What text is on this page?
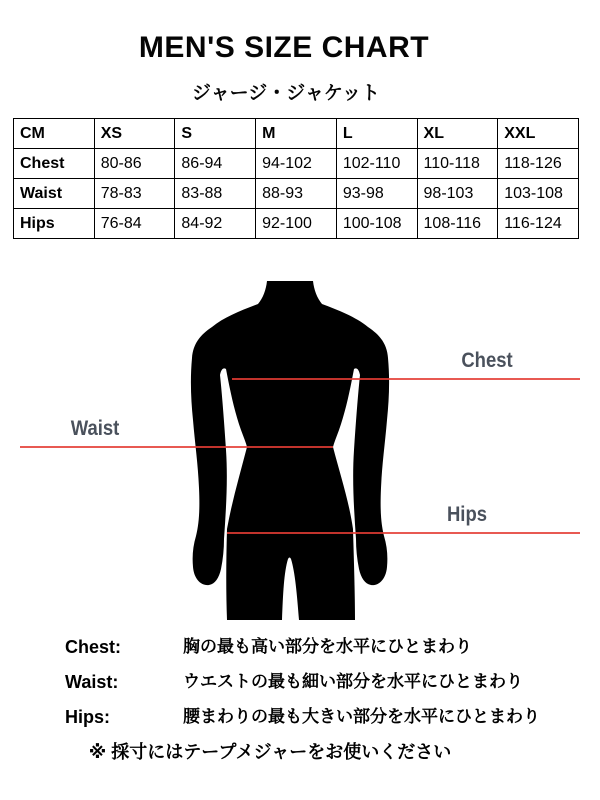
MEN'S SIZE CHART
ジャージ・ジャケット
CM	XS	S	M	L	XL	XXL
Chest	80-86	86-94	94-102	102-110	110-118	118-126
Waist	78-83	83-88	88-93	93-98	98-103	103-108
Hips	76-84	84-92	92-100	100-108	108-116	116-124
Chest
Waist
Hips
Chest:	胸の最も高い部分を水平にひとまわり
Waist:	ウエストの最も細い部分を水平にひとまわり
Hips:	腰まわりの最も大きい部分を水平にひとまわり
※ 採寸にはテープメジャーをお使いください
